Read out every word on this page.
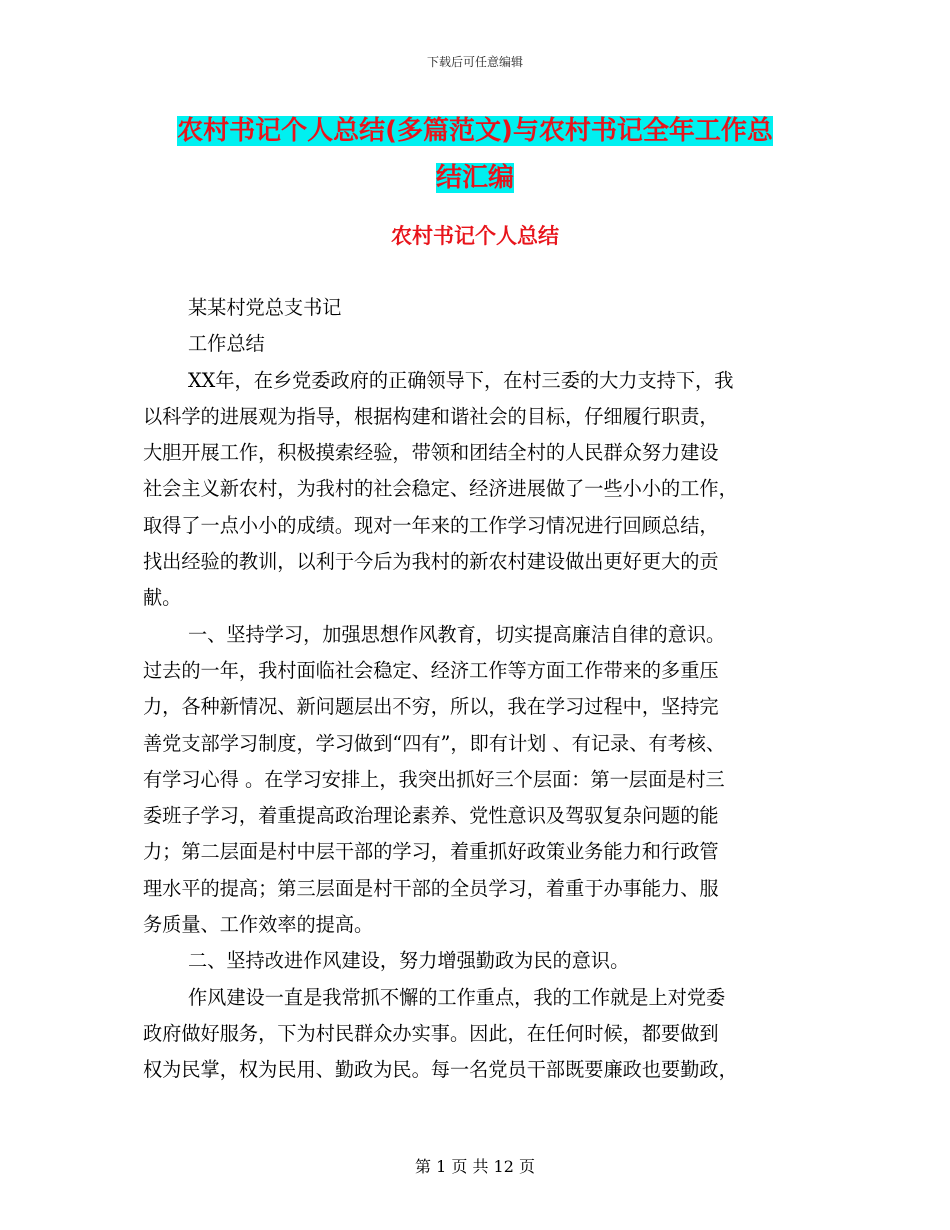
下载后可任意编辑
农村书记个人总结(多篇范文)与农村书记全年工作总
结汇编
农村书记个人总结
某某村党总支书记
工作总结
XX年，在乡党委政府的正确领导下，在村三委的大力支持下，我
以科学的进展观为指导，根据构建和谐社会的目标，仔细履行职责，
大胆开展工作，积极摸索经验，带领和团结全村的人民群众努力建设
社会主义新农村，为我村的社会稳定、经济进展做了一些小小的工作，
取得了一点小小的成绩。现对一年来的工作学习情况进行回顾总结，
找出经验的教训，以利于今后为我村的新农村建设做出更好更大的贡
献。
一、坚持学习，加强思想作风教育，切实提高廉洁自律的意识。
过去的一年，我村面临社会稳定、经济工作等方面工作带来的多重压
力，各种新情况、新问题层出不穷，所以，我在学习过程中，坚持完
善党支部学习制度，学习做到“四有”，即有计划 、有记录、有考核、
有学习心得 。在学习安排上，我突出抓好三个层面：第一层面是村三
委班子学习，着重提高政治理论素养、党性意识及驾驭复杂问题的能
力；第二层面是村中层干部的学习，着重抓好政策业务能力和行政管
理水平的提高；第三层面是村干部的全员学习，着重于办事能力、服
务质量、工作效率的提高。
二、坚持改进作风建设，努力增强勤政为民的意识。
作风建设一直是我常抓不懈的工作重点，我的工作就是上对党委
政府做好服务，下为村民群众办实事。因此，在任何时候，都要做到
权为民掌，权为民用、勤政为民。每一名党员干部既要廉政也要勤政，
第 1 页 共 12 页
